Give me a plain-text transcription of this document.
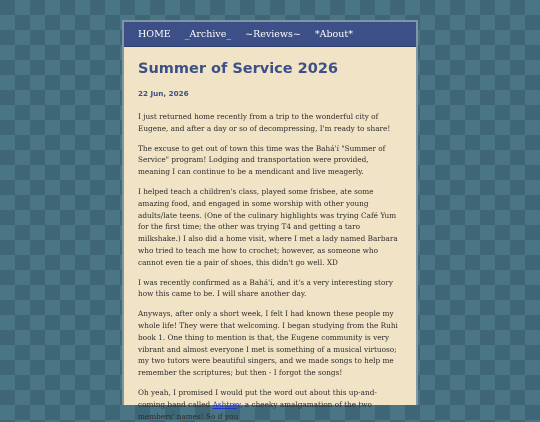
HOME _Archive_ ~Reviews~ *About*
Summer of Service 2026
22 Jun, 2026

I just returned home recently from a trip to the wonderful city of Eugene, and after a day or so of decompressing, I'm ready to share!

The excuse to get out of town this time was the Bahá'í "Summer of Service" program! Lodging and transportation were provided, meaning I can continue to be a mendicant and live meagerly.

I helped teach a children's class, played some frisbee, ate some amazing food, and engaged in some worship with other young adults/late teens. (One of the culinary highlights was trying Café Yum for the first time; the other was trying T4 and getting a taro milkshake.) I also did a home visit, where I met a lady named Barbara who tried to teach me how to crochet; however, as someone who cannot even tie a pair of shoes, this didn't go well. XD

I was recently confirmed as a Bahá'í, and it's a very interesting story how this came to be. I will share another day.

Anyways, after only a short week, I felt I had known these people my whole life! They were that welcoming. I began studying from the Ruhi book 1. One thing to mention is that, the Eugene community is very vibrant and almost everyone I met is something of a musical virtuoso; my two tutors were beautiful singers, and we made songs to help me remember the scriptures; but then - I forgot the songs!

Oh yeah, I promised I would put the word out about this up-and-coming band called Ashtrey, a cheeky amalgamation of the two members' names! So if you
